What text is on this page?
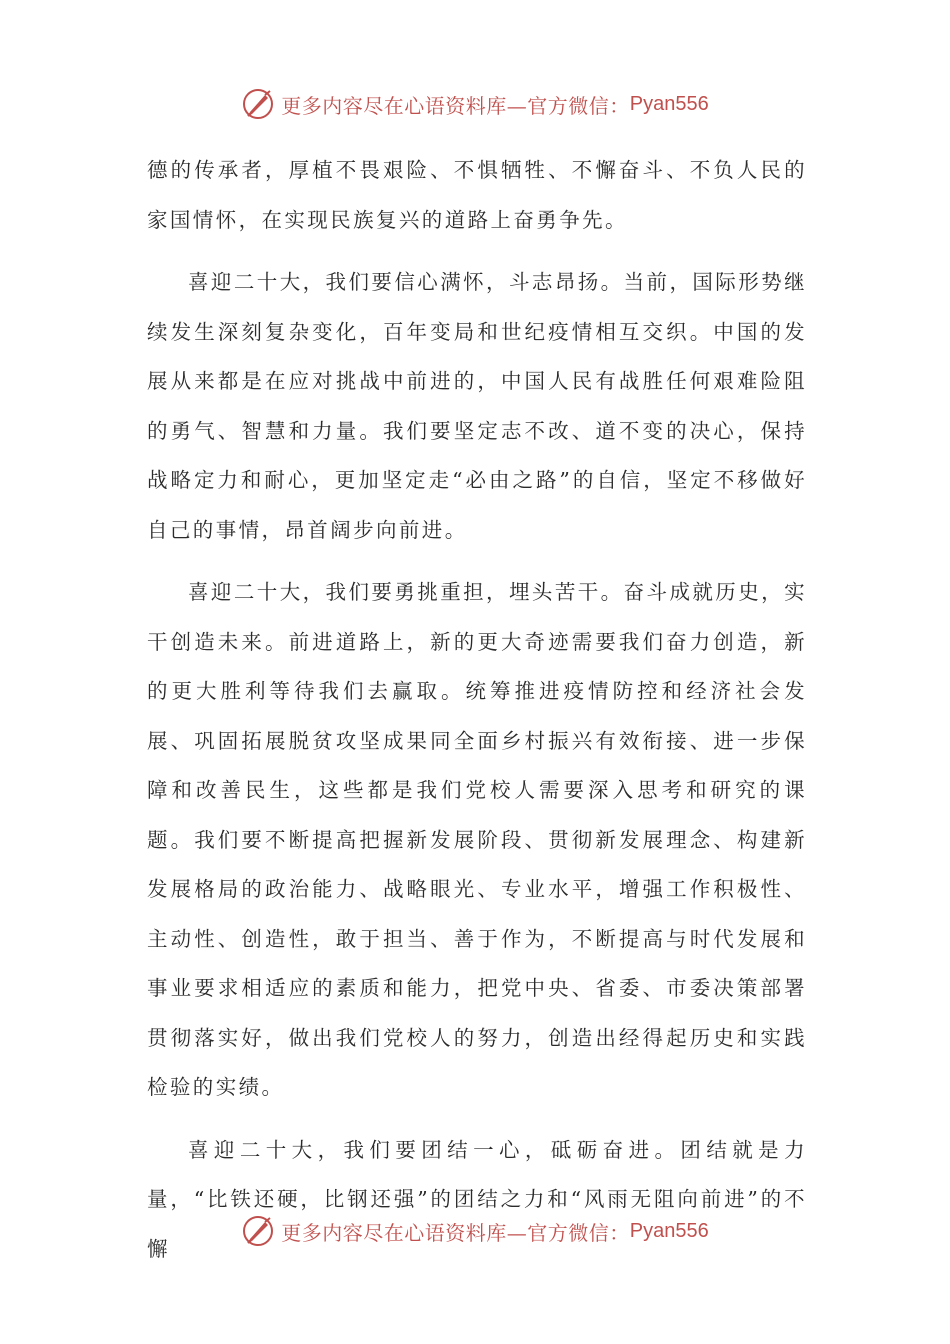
更多内容尽在心语资料库—官方微信： Pyan556

德的传承者，厚植不畏艰险、不惧牺牲、不懈奋斗、不负人民的家国情怀，在实现民族复兴的道路上奋勇争先。

喜迎二十大，我们要信心满怀，斗志昂扬。当前，国际形势继续发生深刻复杂变化，百年变局和世纪疫情相互交织。中国的发展从来都是在应对挑战中前进的，中国人民有战胜任何艰难险阻的勇气、智慧和力量。我们要坚定志不改、道不变的决心，保持战略定力和耐心，更加坚定走“必由之路”的自信，坚定不移做好自己的事情，昂首阔步向前进。

喜迎二十大，我们要勇挑重担，埋头苦干。奋斗成就历史，实干创造未来。前进道路上，新的更大奇迹需要我们奋力创造，新的更大胜利等待我们去赢取。统筹推进疫情防控和经济社会发展、巩固拓展脱贫攻坚成果同全面乡村振兴有效衔接、进一步保障和改善民生，这些都是我们党校人需要深入思考和研究的课题。我们要不断提高把握新发展阶段、贯彻新发展理念、构建新发展格局的政治能力、战略眼光、专业水平，增强工作积极性、主动性、创造性，敢于担当、善于作为，不断提高与时代发展和事业要求相适应的素质和能力，把党中央、省委、市委决策部署贯彻落实好，做出我们党校人的努力，创造出经得起历史和实践检验的实绩。

喜迎二十大，我们要团结一心，砥砺奋进。团结就是力量，“比铁还硬，比钢还强”的团结之力和“风雨无阻向前进”的不懈

更多内容尽在心语资料库—官方微信： Pyan556
